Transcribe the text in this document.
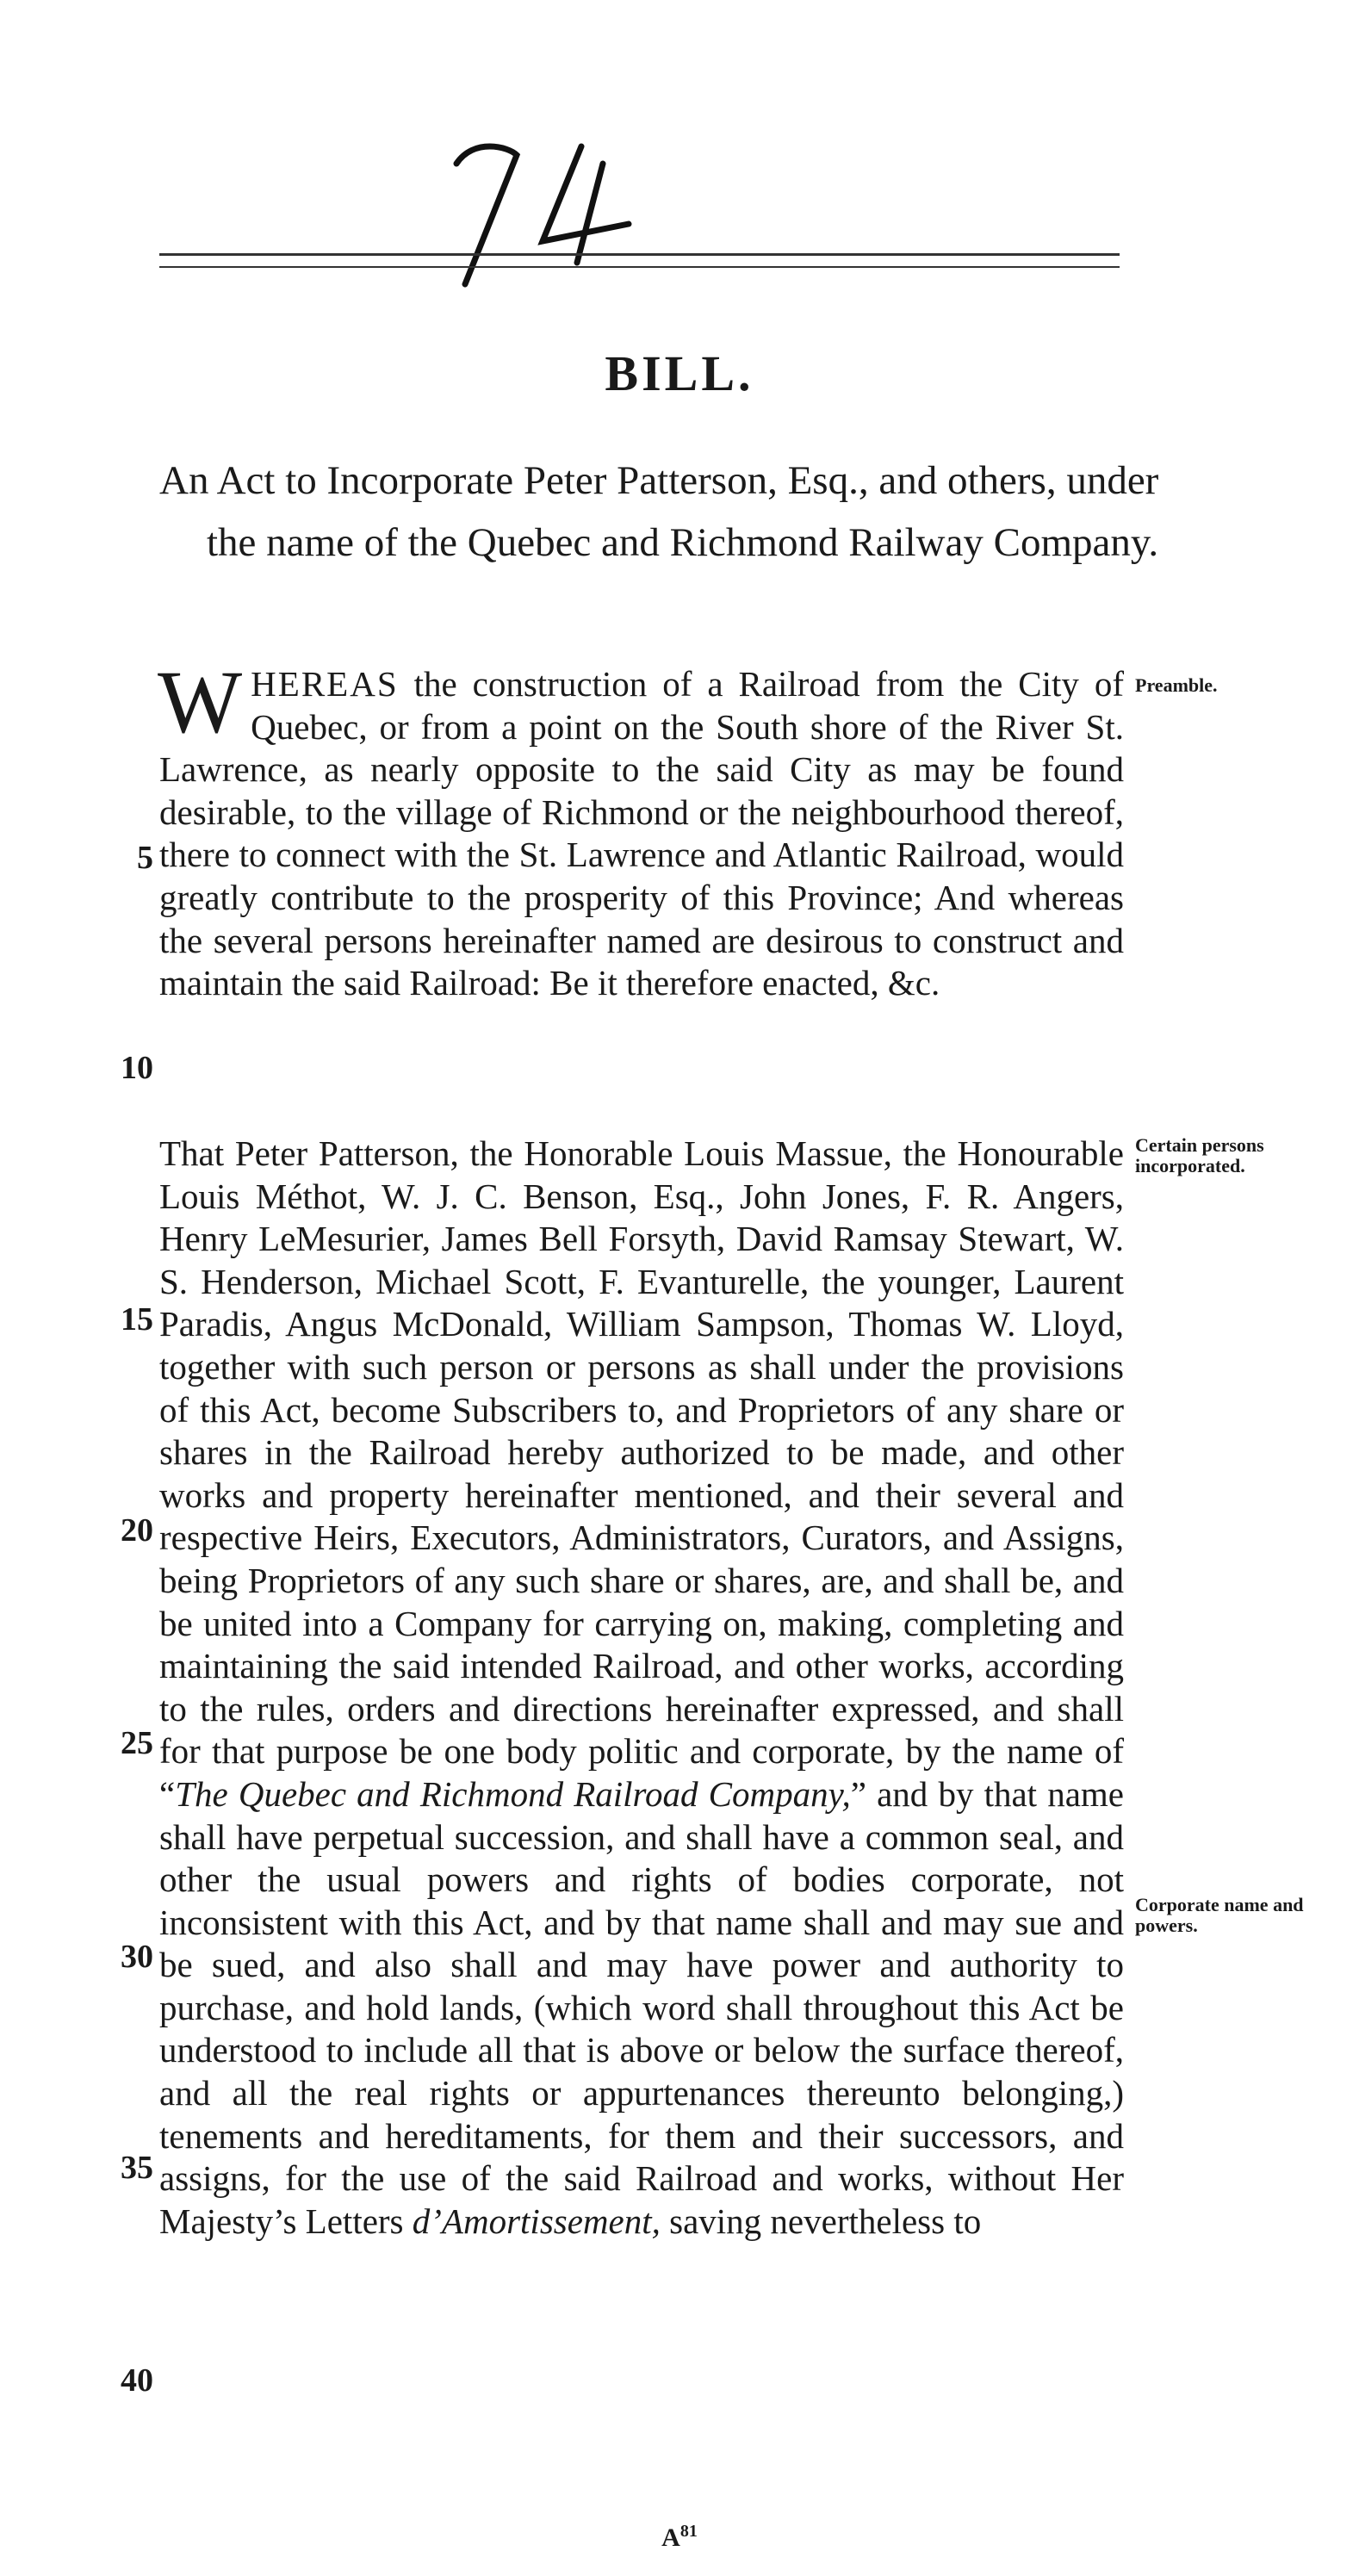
BILL.
An Act to Incorporate Peter Patterson, Esq., and others, under the name of the Quebec and Richmond Railway Company.
W HEREAS the construction of a Railroad from the City of Quebec, or from a point on the South shore of the River St. Lawrence, as nearly opposite to the said City as may be found desirable, to the village of Richmond or the neighbourhood thereof, there to connect with the St. Lawrence and Atlantic Railroad, would greatly contribute to the prosperity of this Province; And whereas the several persons hereinafter named are desirous to construct and maintain the said Railroad: Be it therefore enacted, &c.
That Peter Patterson, the Honorable Louis Massue, the Honourable Louis Méthot, W. J. C. Benson, Esq., John Jones, F. R. Angers, Henry LeMesurier, James Bell Forsyth, David Ramsay Stewart, W. S. Henderson, Michael Scott, F. Evanturelle, the younger, Laurent Paradis, Angus McDonald, William Sampson, Thomas W. Lloyd, together with such person or persons as shall under the provisions of this Act, become Subscribers to, and Proprietors of any share or shares in the Railroad hereby authorized to be made, and other works and property hereinafter mentioned, and their several and respective Heirs, Executors, Administrators, Curators, and Assigns, being Proprietors of any such share or shares, are, and shall be, and be united into a Company for carrying on, making, completing and maintaining the said intended Railroad, and other works, according to the rules, orders and directions hereinafter expressed, and shall for that purpose be one body politic and corporate, by the name of “The Quebec and Richmond Railroad Company,” and by that name shall have perpetual succession, and shall have a common seal, and other the usual powers and rights of bodies corporate, not inconsistent with this Act, and by that name shall and may sue and be sued, and also shall and may have power and authority to purchase, and hold lands, (which word shall throughout this Act be understood to include all that is above or below the surface thereof, and all the real rights or appurtenances thereunto belonging,) tenements and hereditaments, for them and their successors, and assigns, for the use of the said Railroad and works, without Her Majesty’s Letters d’Amortissement, saving nevertheless to
5
10
15
20
25
30
35
40
Preamble.
Certain persons incorporated.
Corporate name and powers.
$A^{81}$
